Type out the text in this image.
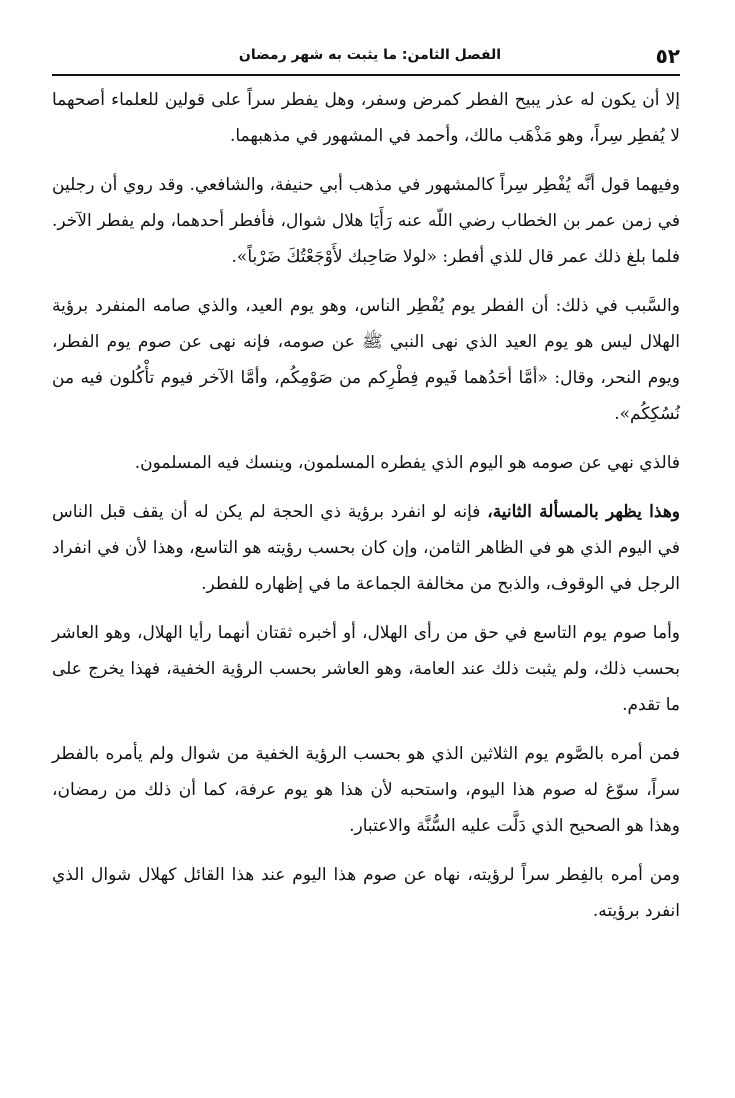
٥٢
الفصل الثامن: ما يثبت به شهر رمضان

إلا أن يكون له عذر يبيح الفطر كمرض وسفر، وهل يفطر سراً على قولين للعلماء أصحهما لا يُفطِر سِراً، وهو مَذْهَب مالك، وأحمد في المشهور في مذهبهما.

وفيهما قول أنَّه يُفْطِر سِراً كالمشهور في مذهب أبي حنيفة، والشافعي. وقد روي أن رجلين في زمن عمر بن الخطاب رضي اللّه عنه رَأَيَا هلال شوال، فأفطر أحدهما، ولم يفطر الآخر. فلما بلغ ذلك عمر قال للذي أفطر: «لولا صَاحِبك لأَوْجَعْتُكَ ضَرْباً».

والسَّبب في ذلك: أن الفطر يوم يُفْطِر الناس، وهو يوم العيد، والذي صامه المنفرد برؤية الهلال ليس هو يوم العيد الذي نهى النبي ﷺ عن صومه، فإنه نهى عن صوم يوم الفطر، ويوم النحر، وقال: «أمَّا أحَدُهما فَيوم فِطْرِكم من صَوْمِكُم، وأمَّا الآخر فيوم تأْكُلون فيه من نُسُكِكُم».

فالذي نهي عن صومه هو اليوم الذي يفطره المسلمون، وينسك فيه المسلمون.

وهذا يظهر بالمسألة الثانية، فإنه لو انفرد برؤية ذي الحجة لم يكن له أن يقف قبل الناس في اليوم الذي هو في الظاهر الثامن، وإن كان بحسب رؤيته هو التاسع، وهذا لأن في انفراد الرجل في الوقوف، والذبح من مخالفة الجماعة ما في إظهاره للفطر.

وأما صوم يوم التاسع في حق من رأى الهلال، أو أخبره ثقتان أنهما رأيا الهلال، وهو العاشر بحسب ذلك، ولم يثبت ذلك عند العامة، وهو العاشر بحسب الرؤية الخفية، فهذا يخرج على ما تقدم.

فمن أمره بالصَّوم يوم الثلاثين الذي هو بحسب الرؤية الخفية من شوال ولم يأمره بالفطر سراً، سوّغ له صوم هذا اليوم، واستحبه لأن هذا هو يوم عرفة، كما أن ذلك من رمضان، وهذا هو الصحيح الذي دَلَّت عليه السُّنَّة والاعتبار.

ومن أمره بالفِطر سراً لرؤيته، نهاه عن صوم هذا اليوم عند هذا القائل كهلال شوال الذي انفرد برؤيته.
